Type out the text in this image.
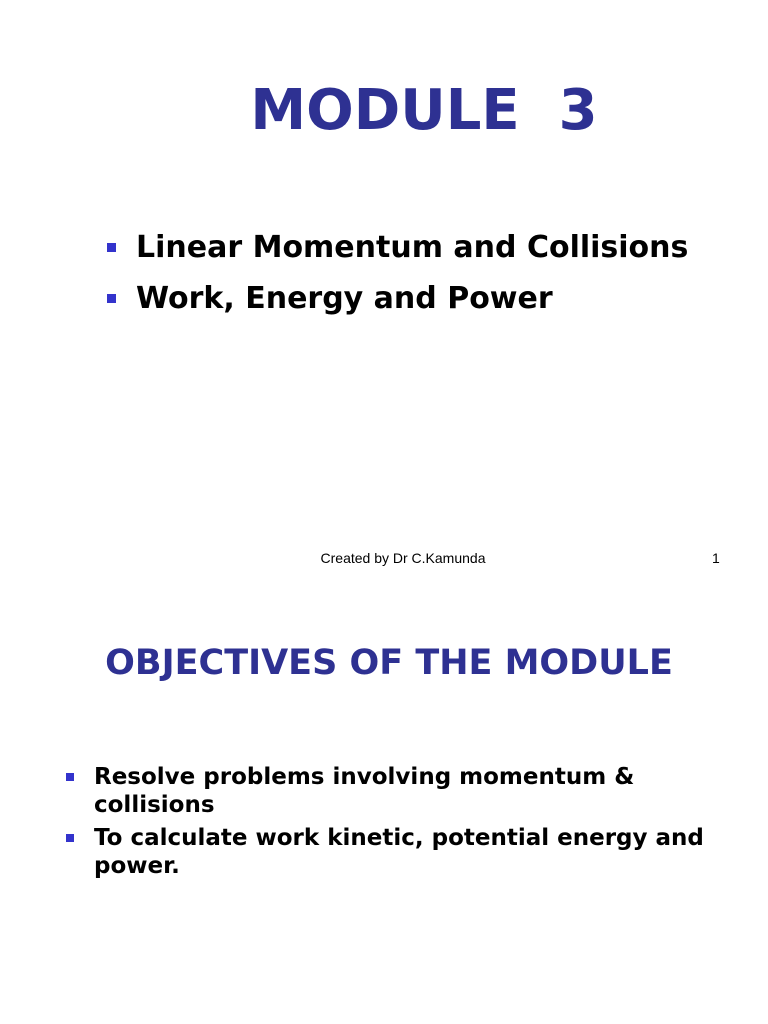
MODULE  3
Linear Momentum and Collisions
Work, Energy and Power
Created by Dr C.Kamunda	1
OBJECTIVES OF THE MODULE
Resolve problems involving momentum & collisions
To calculate work kinetic, potential energy and power.
